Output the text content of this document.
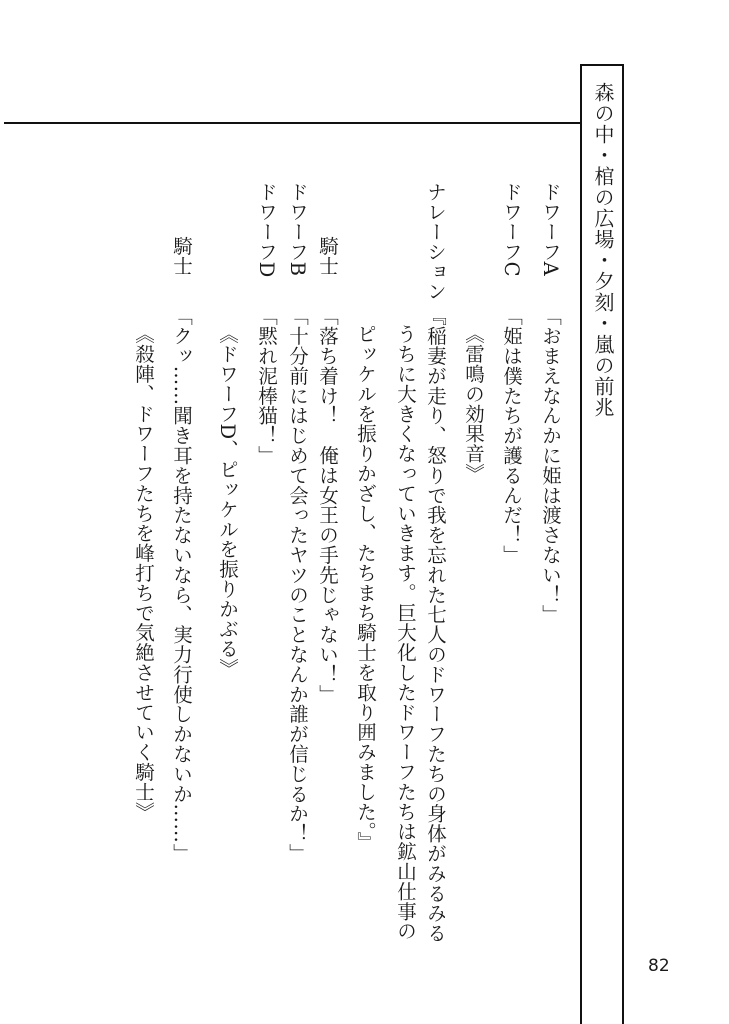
森の中・棺の広場・夕刻・嵐の前兆
ドワーフA
ドワーフC
ナレーション
騎士
ドワーフB
ドワーフD
騎士
「おまえなんかに姫は渡さない！」
「姫は僕たちが護るんだ！」
《雷鳴の効果音》
『稲妻が走り、怒りで我を忘れた七人のドワーフたちの身体がみるみる
うちに大きくなっていきます。巨大化したドワーフたちは鉱山仕事の
ピッケルを振りかざし、たちまち騎士を取り囲みました。』
「落ち着け！　俺は女王の手先じゃない！」
「十分前にはじめて会ったヤツのことなんか誰が信じるか！」
「黙れ泥棒猫！」
《ドワーフD、ピッケルを振りかぶる》
「クッ……聞き耳を持たないなら、実力行使しかないか……」
《殺陣、ドワーフたちを峰打ちで気絶させていく騎士》
82
